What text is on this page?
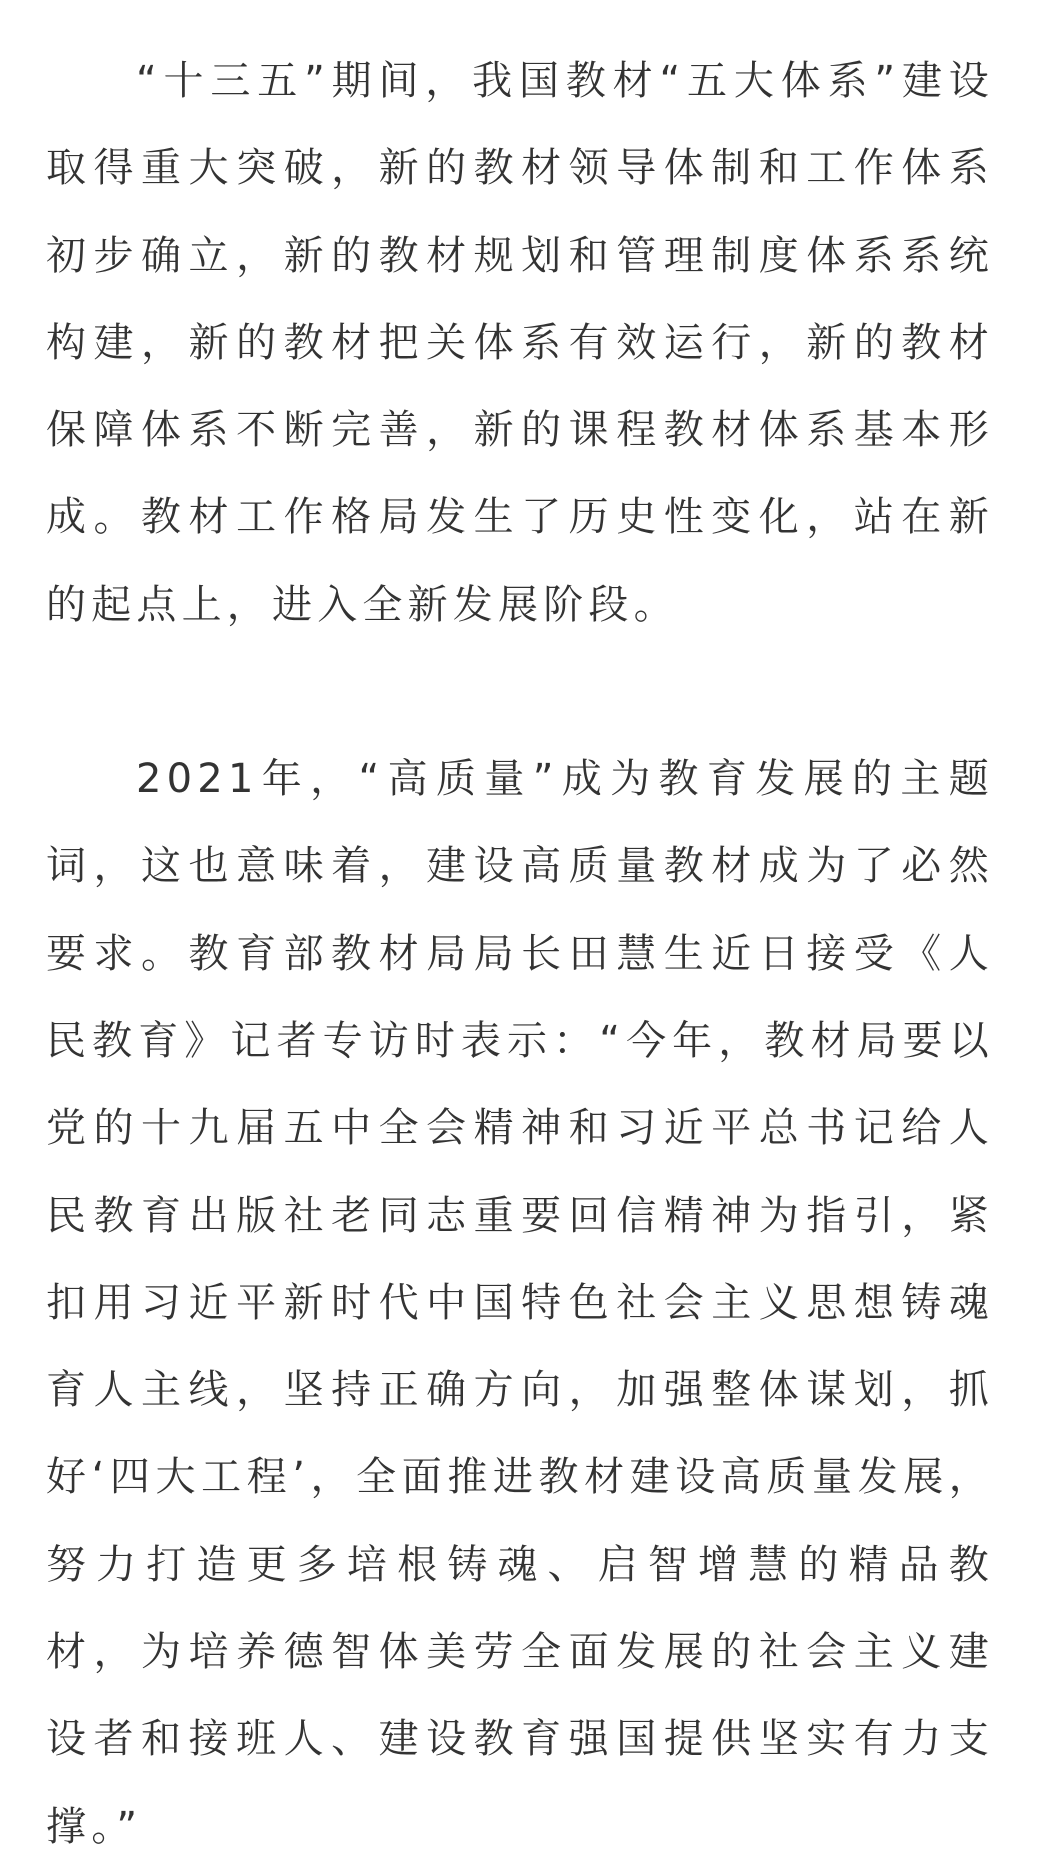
“十三五”期间，我国教材“五大体系”建设取得重大突破，新的教材领导体制和工作体系初步确立，新的教材规划和管理制度体系系统构建，新的教材把关体系有效运行，新的教材保障体系不断完善，新的课程教材体系基本形成。教材工作格局发生了历史性变化，站在新的起点上，进入全新发展阶段。

2021年，“高质量”成为教育发展的主题词，这也意味着，建设高质量教材成为了必然要求。教育部教材局局长田慧生近日接受《人民教育》记者专访时表示：“今年，教材局要以党的十九届五中全会精神和习近平总书记给人民教育出版社老同志重要回信精神为指引，紧扣用习近平新时代中国特色社会主义思想铸魂育人主线，坚持正确方向，加强整体谋划，抓好‘四大工程’，全面推进教材建设高质量发展，努力打造更多培根铸魂、启智增慧的精品教材，为培养德智体美劳全面发展的社会主义建设者和接班人、建设教育强国提供坚实有力支撑。”
